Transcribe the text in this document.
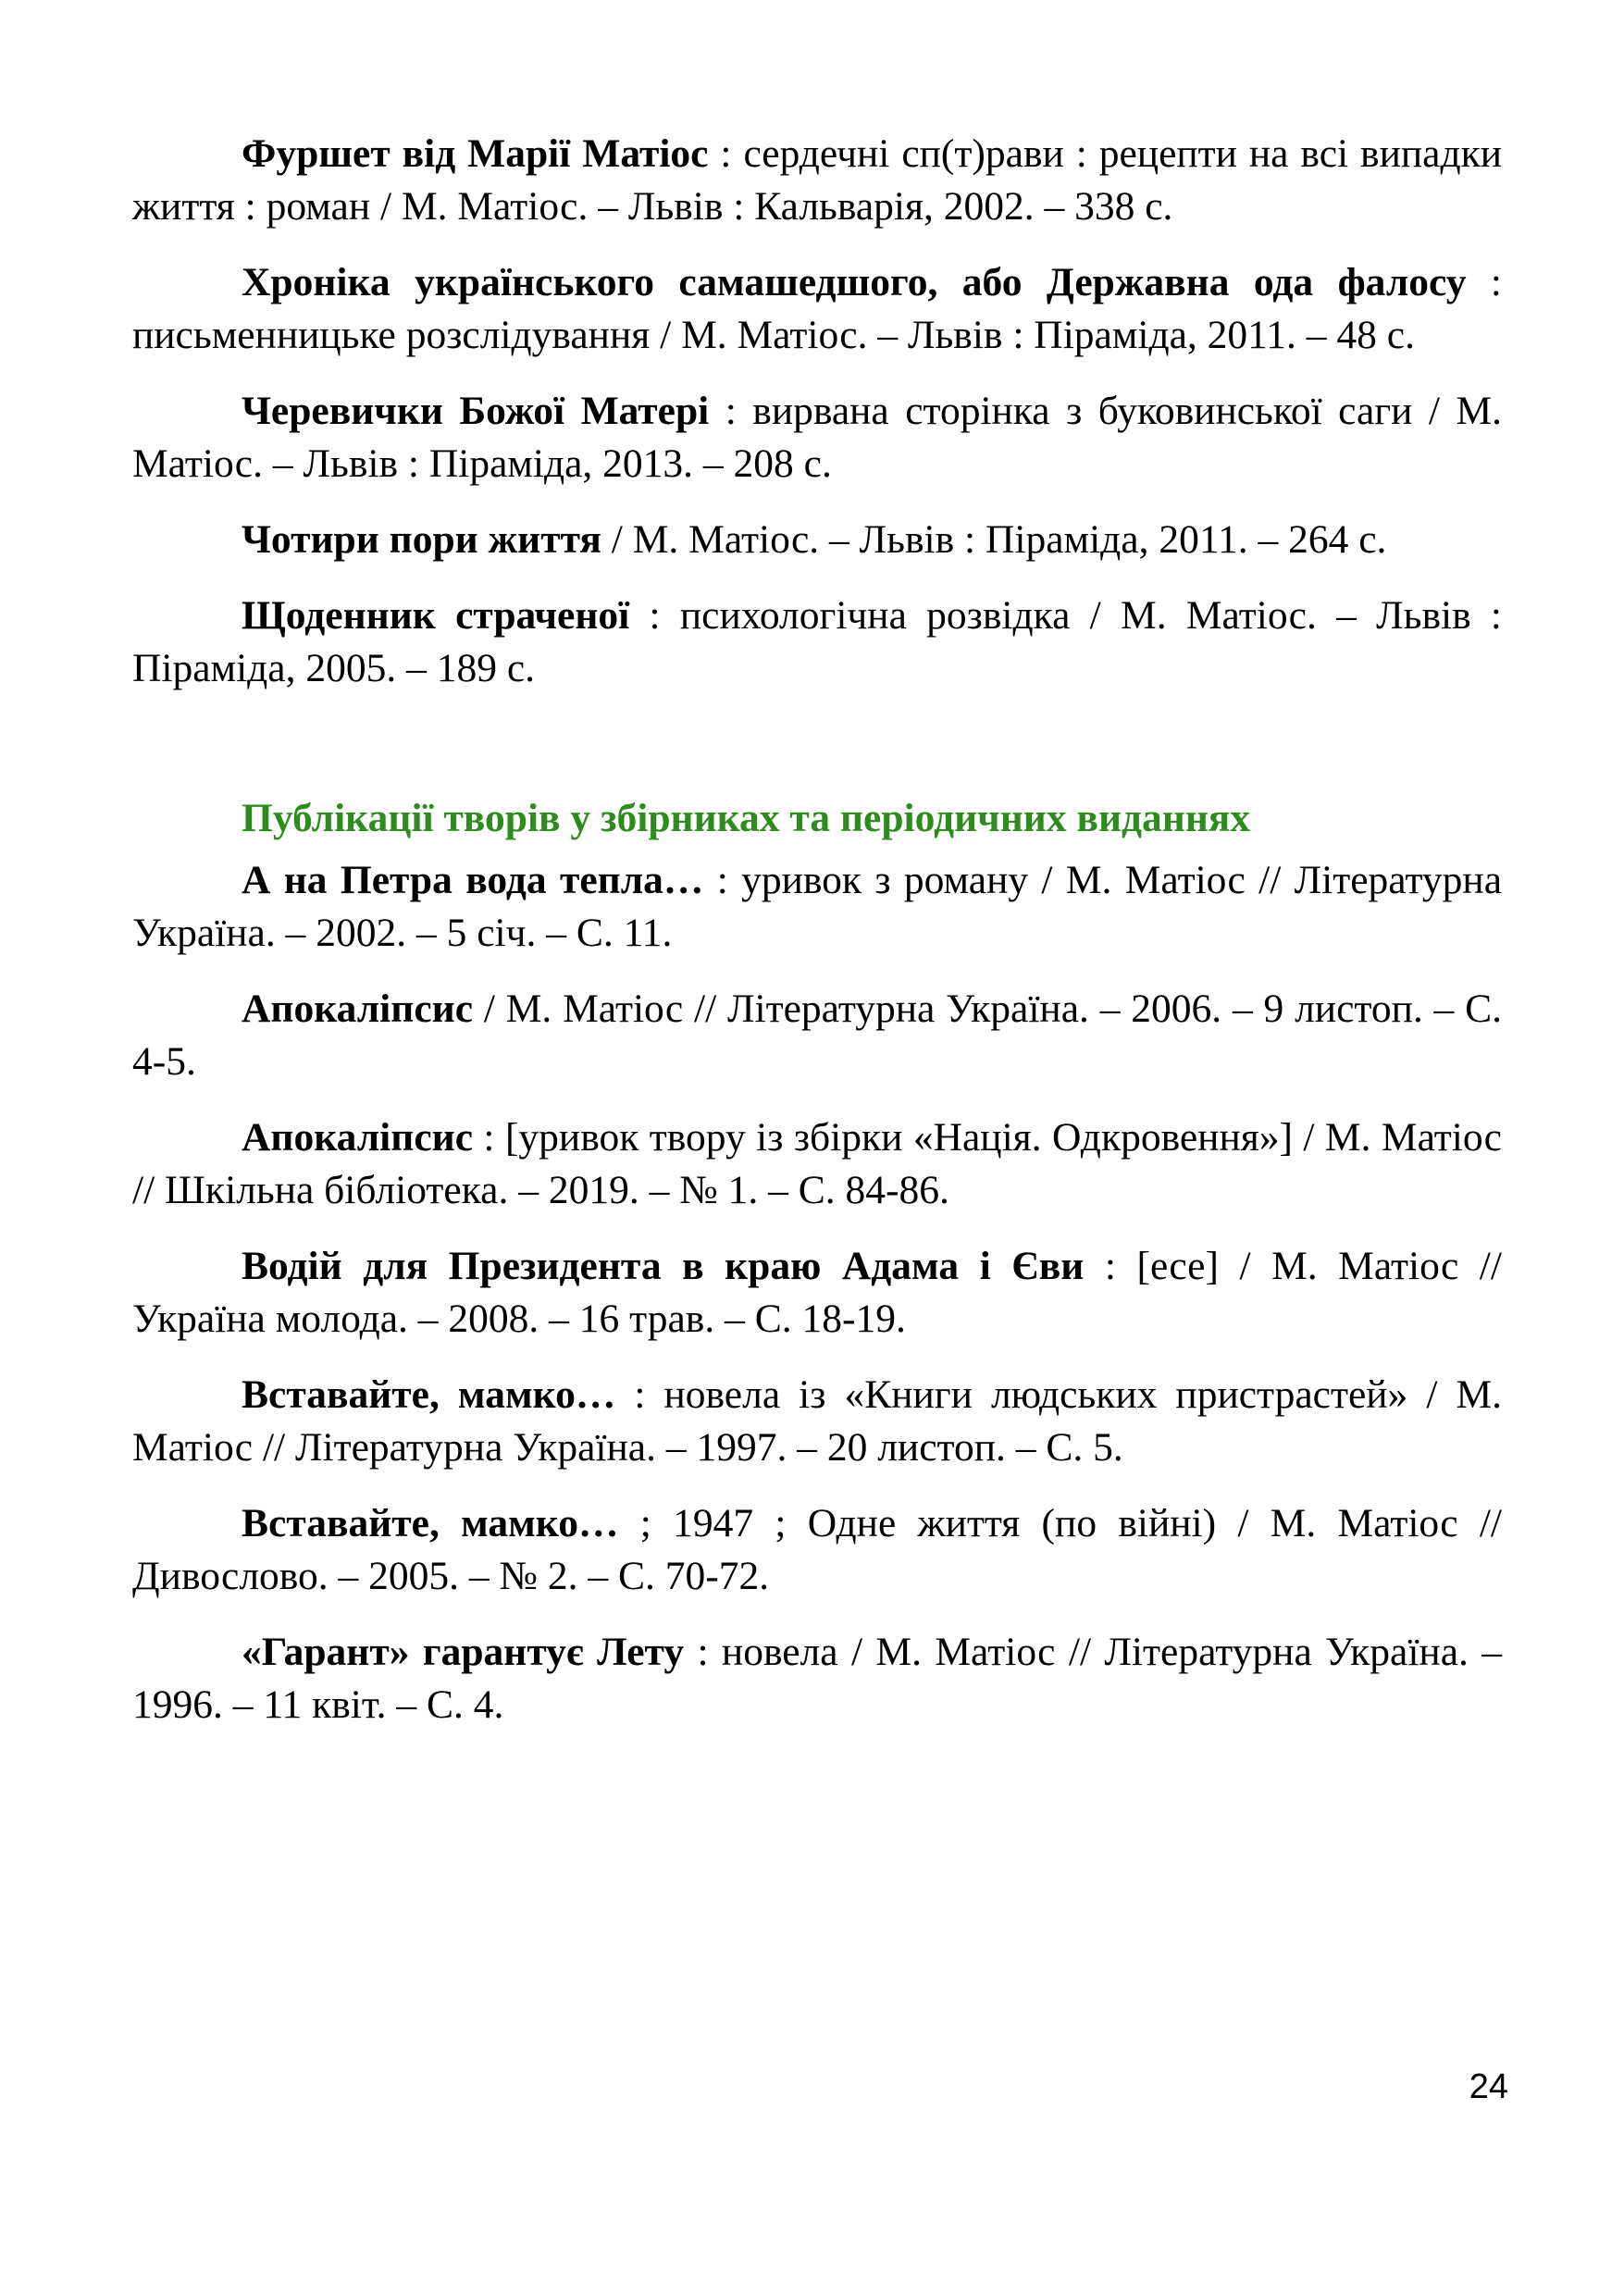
Фуршет від Марії Матіос : сердечні сп(т)рави : рецепти на всі випадки життя : роман / М. Матіос. – Львів : Кальварія, 2002. – 338 с.

Хроніка українського самашедшого, або Державна ода фалосу : письменницьке розслідування / М. Матіос. – Львів : Піраміда, 2011. – 48 с.

Черевички Божої Матері : вирвана сторінка з буковинської саги / М. Матіос. – Львів : Піраміда, 2013. – 208 с.

Чотири пори життя / М. Матіос. – Львів : Піраміда, 2011. – 264 с.

Щоденник страченої : психологічна розвідка / М. Матіос. – Львів : Піраміда, 2005. – 189 с.

Публікації творів у збірниках та періодичних виданнях

А на Петра вода тепла… : уривок з роману / М. Матіос // Літературна Україна. – 2002. – 5 січ. – С. 11.

Апокаліпсис / М. Матіос // Літературна Україна. – 2006. – 9 листоп. – С. 4-5.

Апокаліпсис : [уривок твору із збірки «Нація. Одкровення»] / М. Матіос // Шкільна бібліотека. – 2019. – № 1. – С. 84-86.

Водій для Президента в краю Адама і Єви : [есе] / М. Матіос // Україна молода. – 2008. – 16 трав. – С. 18-19.

Вставайте, мамко… : новела із «Книги людських пристрастей» / М. Матіос // Літературна Україна. – 1997. – 20 листоп. – С. 5.

Вставайте, мамко… ; 1947 ; Одне життя (по війні) / М. Матіос // Дивослово. – 2005. – № 2. – С. 70-72.

«Гарант» гарантує Лету : новела / М. Матіос // Літературна Україна. – 1996. – 11 квіт. – С. 4.

24
